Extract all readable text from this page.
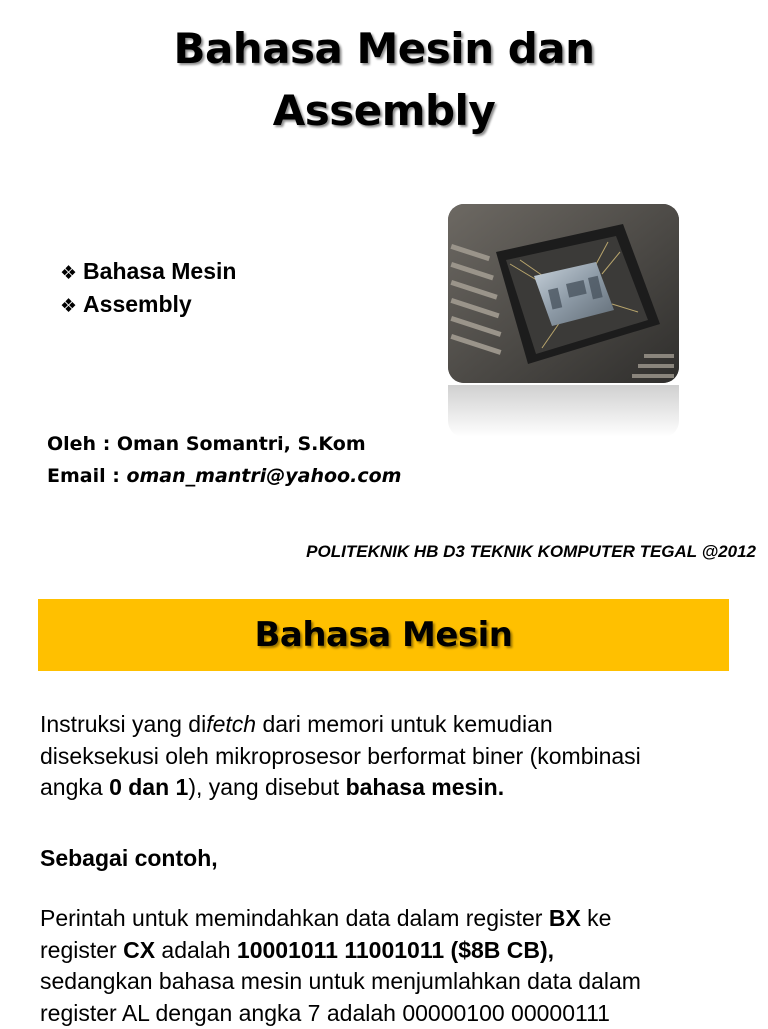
Bahasa Mesin dan
Assembly
❖ Bahasa Mesin
❖ Assembly
Oleh : Oman Somantri, S.Kom
Email : oman_mantri@yahoo.com
POLITEKNIK HB D3 TEKNIK KOMPUTER TEGAL @2012
Bahasa Mesin
Instruksi yang difetch dari memori untuk kemudian
diseksekusi oleh mikroprosesor berformat biner (kombinasi
angka 0 dan 1), yang disebut bahasa mesin.
Sebagai contoh,
Perintah untuk memindahkan data dalam register BX ke
register CX adalah 10001011 11001011 ($8B CB),
sedangkan bahasa mesin untuk menjumlahkan data dalam
register AL dengan angka 7 adalah 00000100 00000111
